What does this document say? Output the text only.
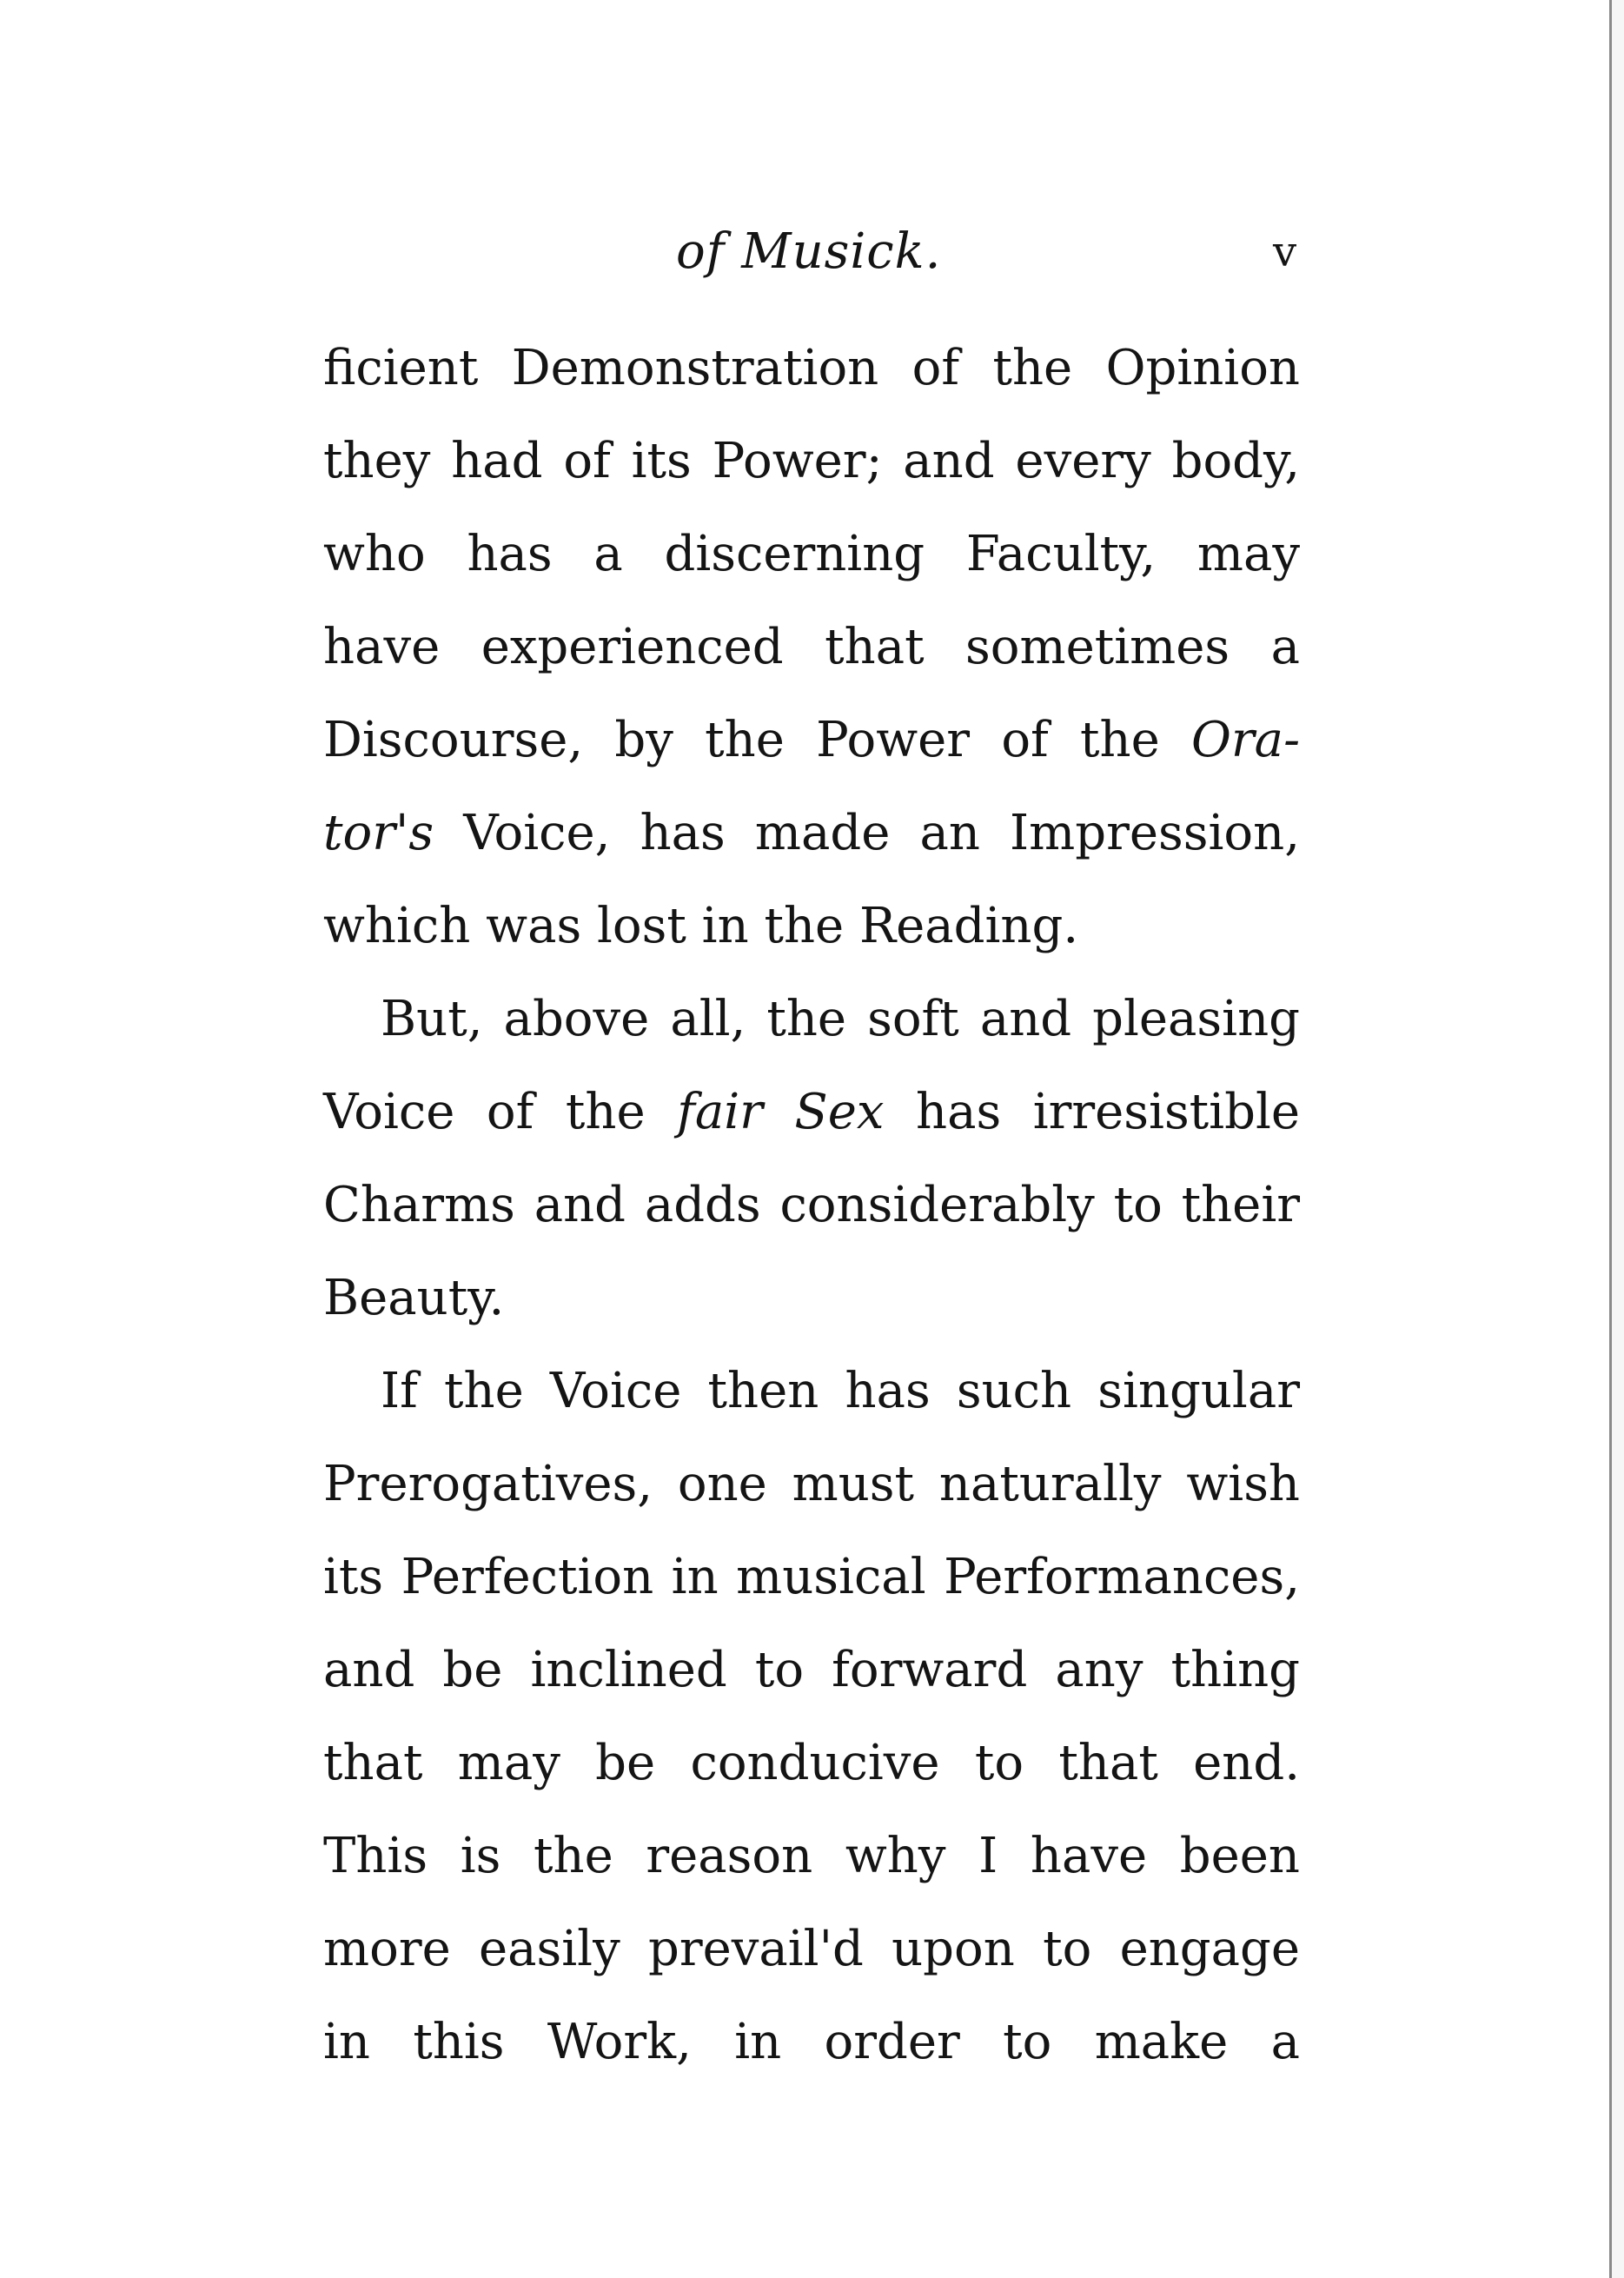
of Musick.	v
ficient Demonstration of the Opinion
they had of its Power; and every body,
who has a discerning Faculty, may
have experienced that sometimes a
Discourse, by the Power of the Ora-
tor's Voice, has made an Impression,
which was lost in the Reading.
But, above all, the soft and pleasing
Voice of the fair Sex has irresistible
Charms and adds considerably to their
Beauty.
If the Voice then has such singular
Prerogatives, one must naturally wish
its Perfection in musical Performances,
and be inclined to forward any thing
that may be conducive to that end.
This is the reason why I have been
more easily prevail'd upon to engage
in this Work, in order to make a
